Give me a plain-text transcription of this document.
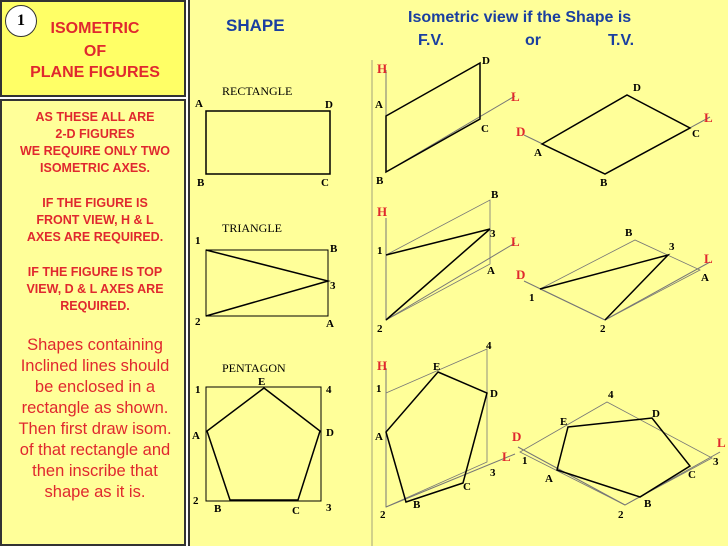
1	ISOMETRIC
OF
PLANE FIGURES
AS THESE ALL ARE
2-D FIGURES
WE REQUIRE ONLY TWO
ISOMETRIC AXES.
IF THE FIGURE IS
FRONT VIEW, H & L
AXES ARE REQUIRED.
IF THE FIGURE IS TOP
VIEW, D & L AXES ARE
REQUIRED.
Shapes containing
Inclined lines should
be enclosed in a
rectangle as shown.
Then first draw isom.
of that rectangle and
then inscribe that
shape as it is.
SHAPE	Isometric view if the Shape is
F.V.	or	T.V.
RECTANGLE
A	D
B	C
H
A
D
L
C
B
D
L
C
D
A
B
TRIANGLE
1
B
3
2	A
B
H
3 L
1
A
2
B
3
L
D	A
1
2
PENTAGON
1
E
4
A	D
2
B	C 3
4
H	E
1	D
A	D
L
3
C
2
B
4
D
E
L
1	3
A	C
B
2
